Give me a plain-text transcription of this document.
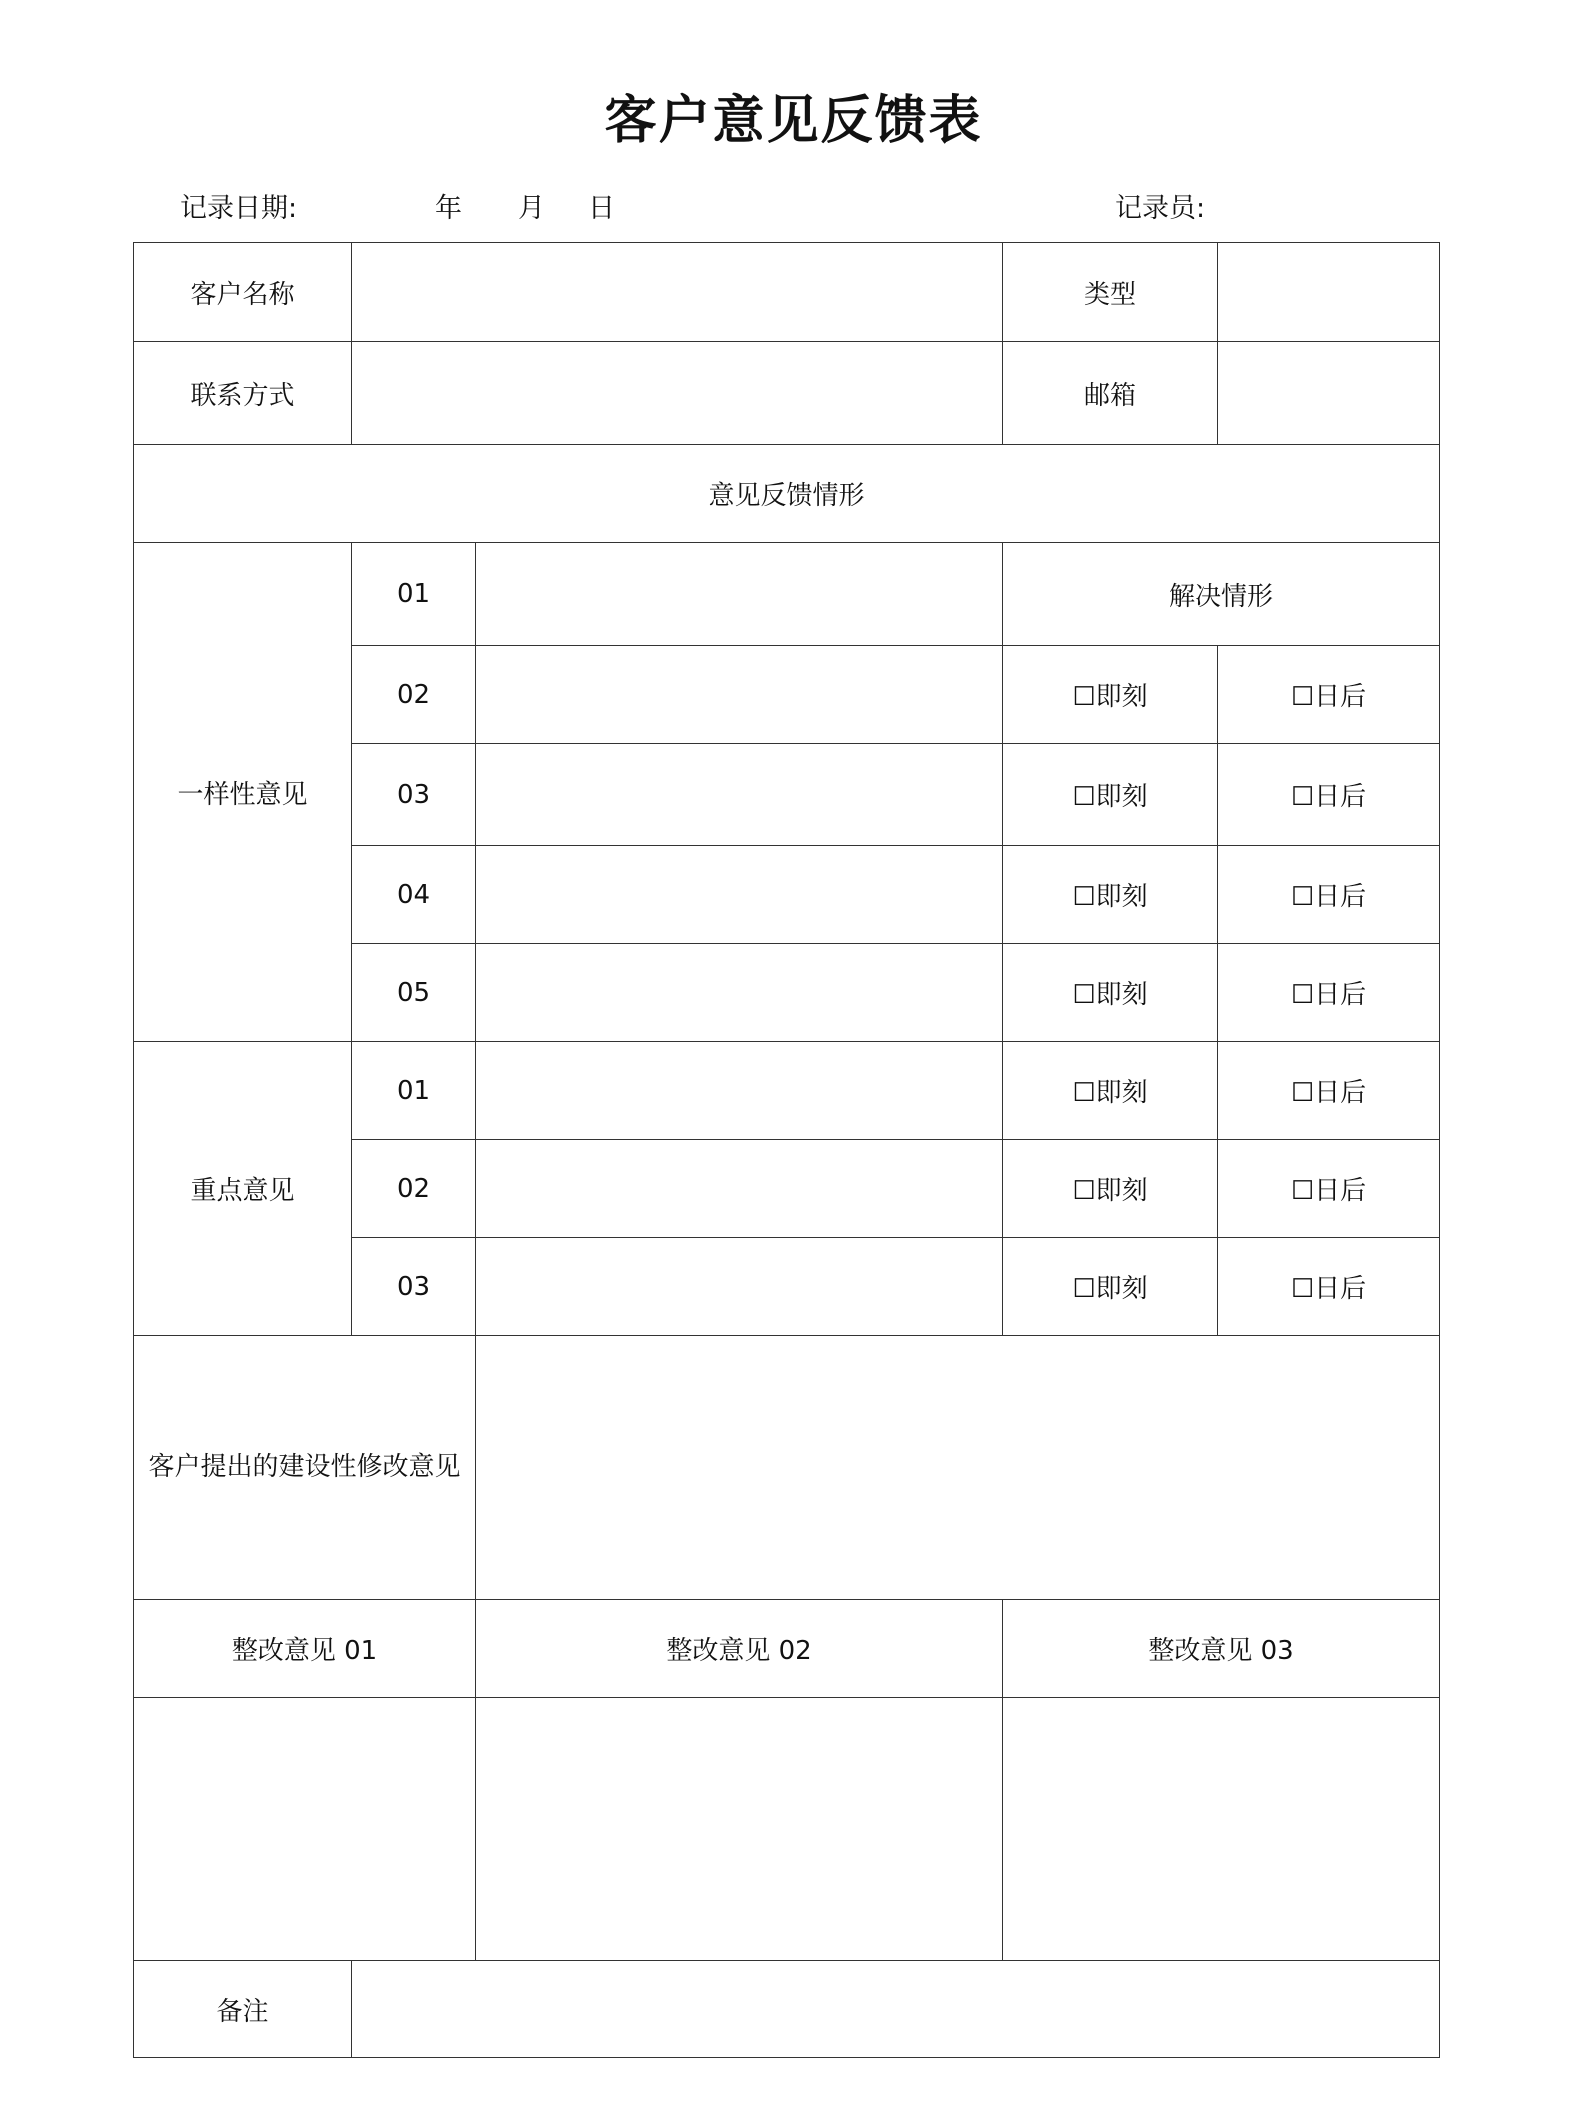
客户意见反馈表
记录日期:	年 月 日	记录员:
客户名称			类型	
联系方式			邮箱	
意见反馈情形				
一样性意见	01		解决情形	
	02		☐即刻	☐日后
	03		☐即刻	☐日后
	04		☐即刻	☐日后
	05		☐即刻	☐日后
重点意见	01		☐即刻	☐日后
	02		☐即刻	☐日后
	03		☐即刻	☐日后
客户提出的建设性修改意见				
整改意见 01		整改意见 02	整改意见 03	

备注				
